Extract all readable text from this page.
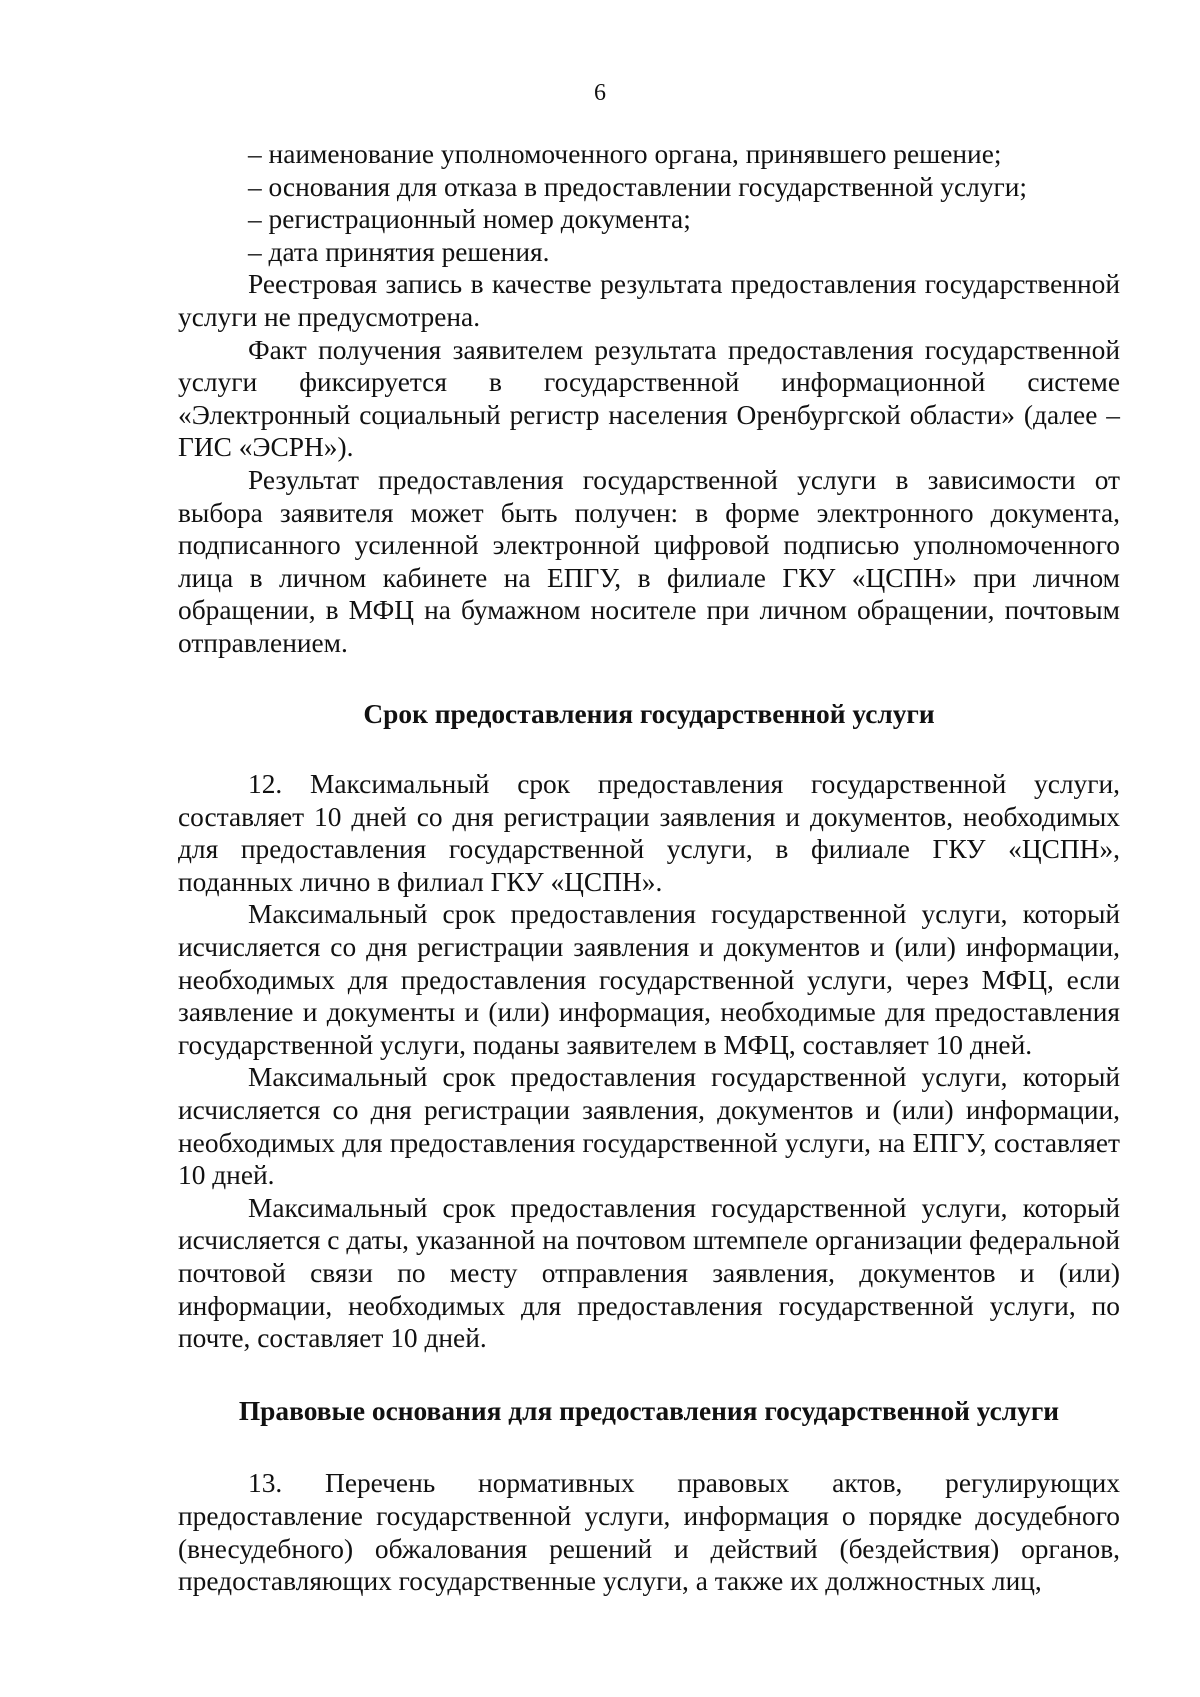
6

– наименование уполномоченного органа, принявшего решение;

– основания для отказа в предоставлении государственной услуги;

– регистрационный номер документа;

– дата принятия решения.

Реестровая запись в качестве результата предоставления государственной услуги не предусмотрена.

Факт получения заявителем результата предоставления государственной услуги фиксируется в государственной информационной системе «Электронный социальный регистр населения Оренбургской области» (далее – ГИС «ЭСРН»).

Результат предоставления государственной услуги в зависимости от выбора заявителя может быть получен: в форме электронного документа, подписанного усиленной электронной цифровой подписью уполномоченного лица в личном кабинете на ЕПГУ, в филиале ГКУ «ЦСПН» при личном обращении, в МФЦ на бумажном носителе при личном обращении, почтовым отправлением.

Срок предоставления государственной услуги

12. Максимальный срок предоставления государственной услуги, составляет 10 дней со дня регистрации заявления и документов, необходимых для предоставления государственной услуги, в филиале ГКУ «ЦСПН», поданных лично в филиал ГКУ «ЦСПН».

Максимальный срок предоставления государственной услуги, который исчисляется со дня регистрации заявления и документов и (или) информации, необходимых для предоставления государственной услуги, через МФЦ, если заявление и документы и (или) информация, необходимые для предоставления государственной услуги, поданы заявителем в МФЦ, составляет 10 дней.

Максимальный срок предоставления государственной услуги, который исчисляется со дня регистрации заявления, документов и (или) информации, необходимых для предоставления государственной услуги, на ЕПГУ, составляет 10 дней.

Максимальный срок предоставления государственной услуги, который исчисляется с даты, указанной на почтовом штемпеле организации федеральной почтовой связи по месту отправления заявления, документов и (или) информации, необходимых для предоставления государственной услуги, по почте, составляет 10 дней.

Правовые основания для предоставления государственной услуги

13. Перечень нормативных правовых актов, регулирующих предоставление государственной услуги, информация о порядке досудебного (внесудебного) обжалования решений и действий (бездействия) органов, предоставляющих государственные услуги, а также их должностных лиц,
